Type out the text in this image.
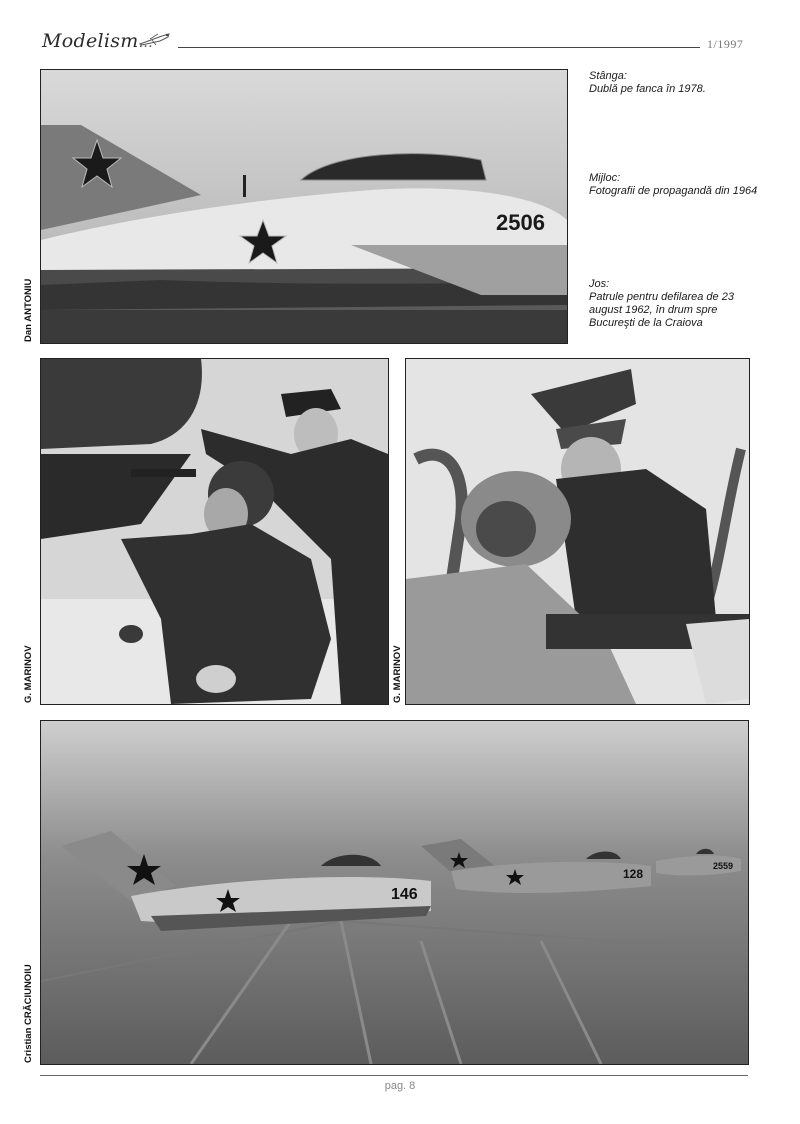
Modelism...	1/1997
2506
Dan ANTONIU
Stânga:
Dublă pe fanca în 1978.
Mijloc:
Fotografii de propagandă din 1964
Jos:
Patrule pentru defilarea de 23 august 1962, în drum spre Bucureşti de la Craiova
G. MARINOV	G. MARINOV
146
128
2559
Cristian CRĂCIUNOIU
pag. 8
